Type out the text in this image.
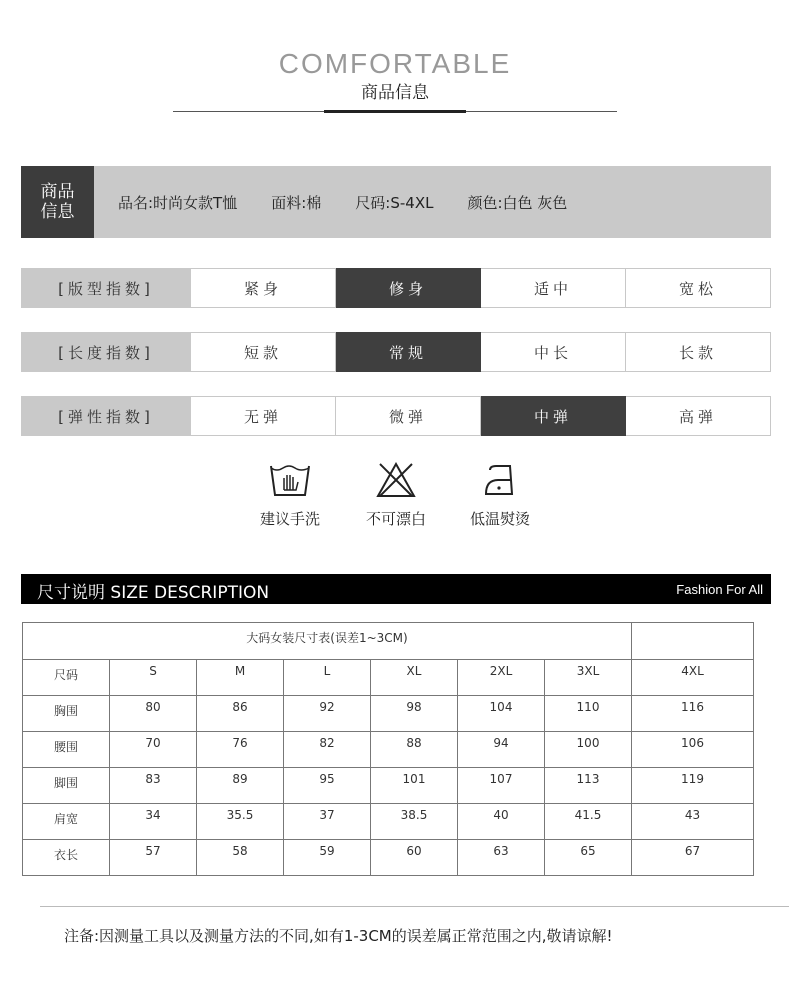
COMFORTABLE
商品信息
商品
信息	品名:时尚女款T恤 面料:棉 尺码:S-4XL 颜色:白色 灰色
[版型指数]	紧身	修身	适中	宽松
[长度指数]	短款	常规	中长	长款
[弹性指数]	无弹	微弹	中弹	高弹
建议手洗	不可漂白	低温熨烫
尺寸说明 SIZE DESCRIPTION	Fashion For All
大码女装尺寸表(误差1~3CM)							
尺码	S	M	L	XL	2XL	3XL	4XL
胸围	80	86	92	98	104	110	116
腰围	70	76	82	88	94	100	106
脚围	83	89	95	101	107	113	119
肩宽	34	35.5	37	38.5	40	41.5	43
衣长	57	58	59	60	63	65	67
注备:因测量工具以及测量方法的不同,如有1-3CM的误差属正常范围之内,敬请谅解!
